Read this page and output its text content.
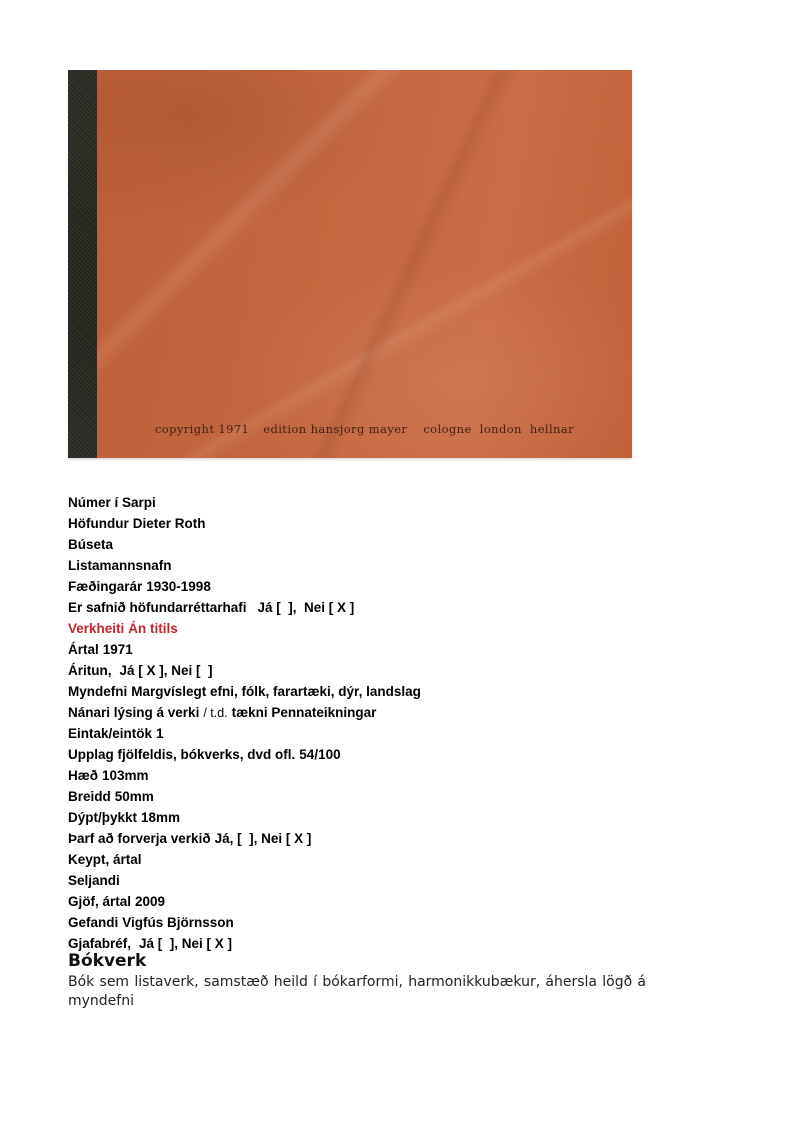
copyright 1971 edition hansjorg mayer cologne london hellnar
Númer í Sarpi
Höfundur Dieter Roth
Búseta
Listamannsnafn
Fæðingarár 1930-1998
Er safnið höfundarréttarhafi Já [  ],  Nei [ X ]
Verkheiti Án titils
Ártal 1971
Áritun, Já [ X ], Nei [  ]
Myndefni Margvíslegt efni, fólk, farartæki, dýr, landslag
Nánari lýsing á verki / t.d. tækni Pennateikningar
Eintak/eintök 1
Upplag fjölfeldis, bókverks, dvd ofl. 54/100
Hæð 103mm
Breidd 50mm
Dýpt/þykkt 18mm
Þarf að forverja verkið Já, [  ], Nei [ X ]
Keypt, ártal
Seljandi
Gjöf, ártal 2009
Gefandi Vigfús Björnsson
Gjafabréf, Já [  ], Nei [ X ]
Bókverk
Bók sem listaverk, samstæð heild í bókarformi, harmonikkubækur, áhersla lögð á myndefni
